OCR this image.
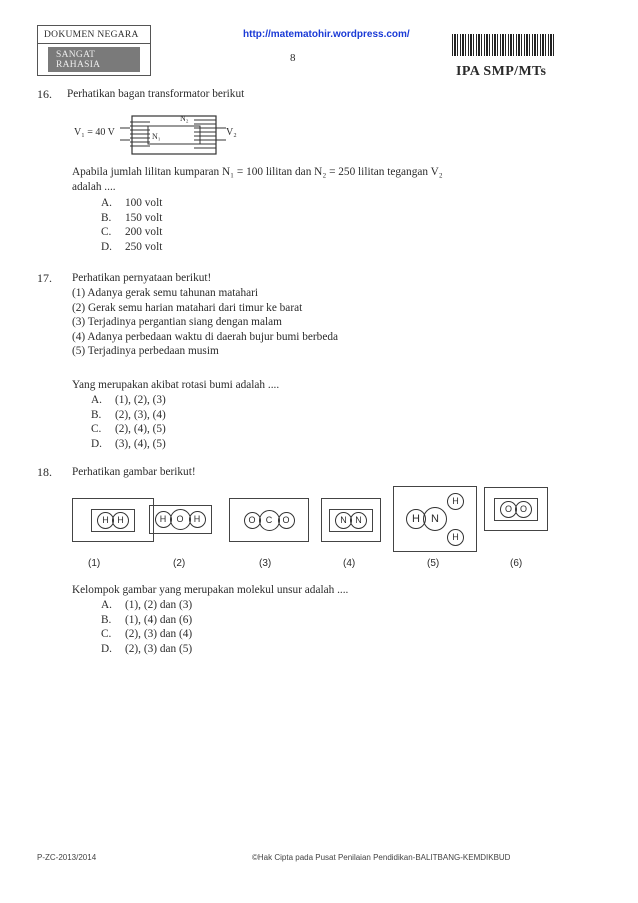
DOKUMEN NEGARA
SANGAT RAHASIA
http://matematohir.wordpress.com/
8
IPA SMP/MTs
16. Perhatikan bagan transformator berikut
V₁ = 40 V	V₂
N₁
N₂
Apabila jumlah lilitan kumparan N₁ = 100 lilitan dan N₂ = 250 lilitan tegangan V₂
adalah ....
A. 100 volt
B. 150 volt
C. 200 volt
D. 250 volt
17. Perhatikan pernyataan berikut!
(1) Adanya gerak semu tahunan matahari
(2) Gerak semu harian matahari dari timur ke barat
(3) Terjadinya pergantian siang dengan malam
(4) Adanya perbedaan waktu di daerah bujur bumi berbeda
(5) Terjadinya perbedaan musim
Yang merupakan akibat rotasi bumi adalah ....
A. (1), (2), (3)
B. (2), (3), (4)
C. (2), (4), (5)
D. (3), (4), (5)
18. Perhatikan gambar berikut!
H H	H	O	H	O	C	O	N N	H	N
H
H
O O
(1)	(2)	(3)	(4)	(5)	(6)
Kelompok gambar yang merupakan molekul unsur adalah ....
A. (1), (2) dan (3)
B. (1), (4) dan (6)
C. (2), (3) dan (4)
D. (2), (3) dan (5)
P-ZC-2013/2014	©Hak Cipta pada Pusat Penilaian Pendidikan-BALITBANG-KEMDIKBUD
